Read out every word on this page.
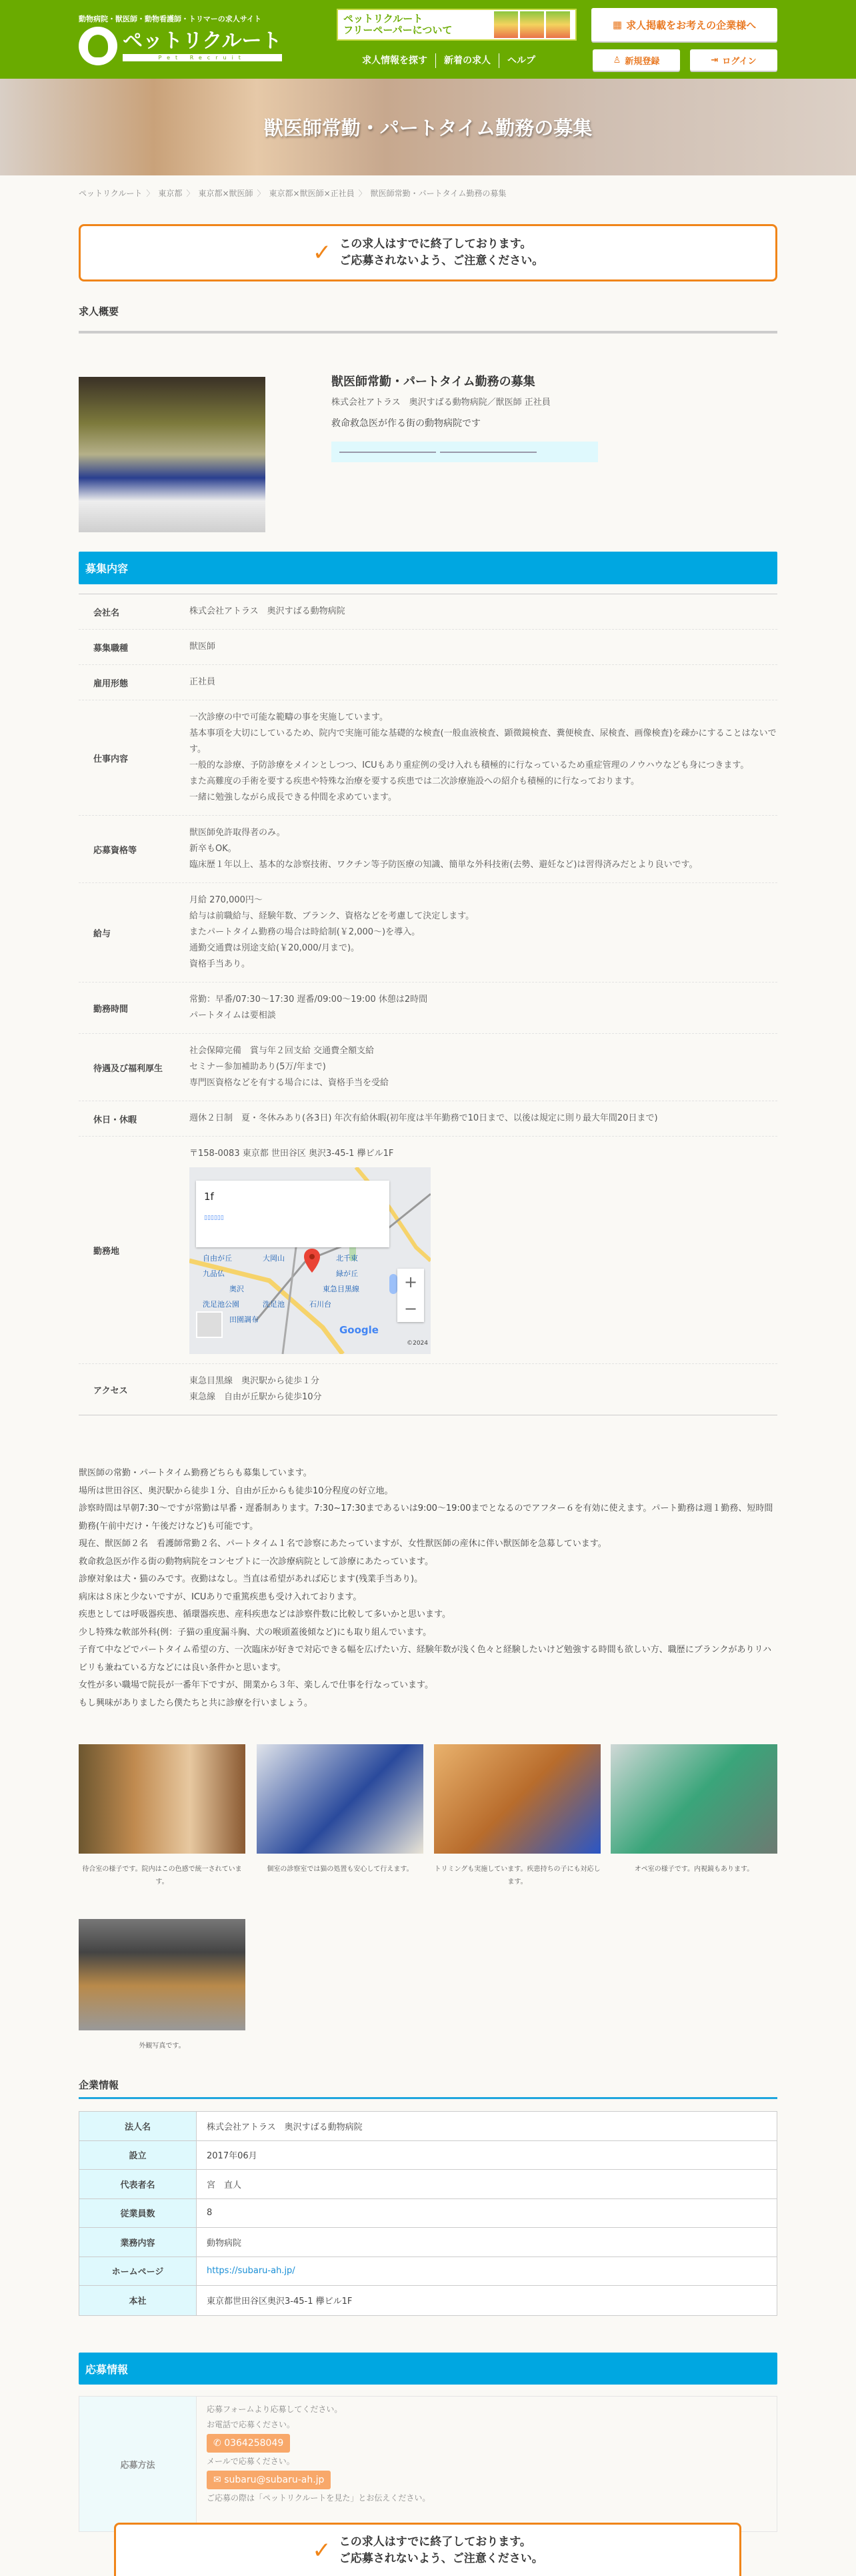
動物病院・獣医師・動物看護師・トリマーの求人サイト
ペットリクルート
Pet Recruit
ペットリクルート
フリーペーパーについて	▦ 求人掲載をお考えの企業様へ
求人情報を探す	新着の求人	ヘルプ	♙ 新規登録	⇥ ログイン
獣医師常勤・パートタイム勤務の募集
ペットリクルート 〉 東京都 〉 東京都×獣医師 〉 東京都×獣医師×正社員 〉 獣医師常勤・パートタイム勤務の募集
✓ この求人はすでに終了しております。
ご応募されないよう、ご注意ください。
求人概要
獣医師常勤・パートタイム勤務の募集
株式会社アトラス　奥沢すばる動物病院／獣医師 正社員
救命救急医が作る街の動物病院です
募集内容
会社名	株式会社アトラス　奥沢すばる動物病院
募集職種	獣医師
雇用形態	正社員
仕事内容
一次診療の中で可能な範疇の事を実施しています。
基本事項を大切にしているため、院内で実施可能な基礎的な検査(一般血液検査、顕微鏡検査、糞便検査、尿検査、画像検査)を疎かにすることはないです。
一般的な診療、予防診療をメインとしつつ、ICUもあり重症例の受け入れも積極的に行なっているため重症管理のノウハウなども身につきます。
また高難度の手術を要する疾患や特殊な治療を要する疾患では二次診療施設への紹介も積極的に行なっております。
一緒に勉強しながら成長できる仲間を求めています。
応募資格等
獣医師免許取得者のみ。
新卒もOK。
臨床歴１年以上、基本的な診察技術、ワクチン等予防医療の知識、簡単な外科技術(去勢、避妊など)は習得済みだとより良いです。
給与
月給 270,000円～
給与は前職給与、経験年数、ブランク、資格などを考慮して決定します。
またパートタイム勤務の場合は時給制(￥2,000～)を導入。
通勤交通費は別途支給(￥20,000/月まで)。
資格手当あり。
勤務時間
常勤：早番/07:30～17:30 遅番/09:00～19:00 休憩は2時間
パートタイムは要相談
待遇及び福利厚生
社会保障完備　賞与年２回支給 交通費全額支給
セミナー参加補助あり(5万/年まで)
専門医資格などを有する場合には、資格手当を受給
休日・休暇	週休２日制　夏・冬休みあり(各3日) 年次有給休暇(初年度は半年勤務で10日まで、以後は規定に則り最大年間20日まで)
勤務地
〒158-0083 東京都 世田谷区 奥沢3-45-1 欅ビル1F
1f
▯▯▯▯▯▯
+
−
Google
©2024
自由が丘
緑が丘
大岡山	北千束
九品仏
奥沢
洗足池公園	洗足池
田園調布
石川台
東急目黒線
アクセス
東急目黒線　奥沢駅から徒歩１分
東急線　自由が丘駅から徒歩10分
獣医師の常勤・パートタイム勤務どちらも募集しています。
場所は世田谷区、奥沢駅から徒歩１分、自由が丘からも徒歩10分程度の好立地。
診察時間は早朝7:30～ですが常勤は早番・遅番制あります。7:30~17:30まであるいは9:00～19:00までとなるのでアフター６を有効に使えます。パート勤務は週１勤務、短時間勤務(午前中だけ・午後だけなど)も可能です。
現在、獣医師２名　看護師常勤２名、パートタイム１名で診察にあたっていますが、女性獣医師の産休に伴い獣医師を急募しています。
救命救急医が作る街の動物病院をコンセプトに一次診療病院として診療にあたっています。
診療対象は犬・猫のみです。夜勤はなし。当直は希望があれば応じます(残業手当あり)。
病床は８床と少ないですが、ICUありで重篤疾患も受け入れております。
疾患としては呼吸器疾患、循環器疾患、産科疾患などは診察件数に比較して多いかと思います。
少し特殊な軟部外科(例：子猫の重度漏斗胸、犬の喉頭蓋後傾など)にも取り組んでいます。
子育て中などでパートタイム希望の方、一次臨床が好きで対応できる幅を広げたい方、経験年数が浅く色々と経験したいけど勉強する時間も欲しい方、職歴にブランクがありリハビリも兼ねている方などには良い条件かと思います。
女性が多い職場で院長が一番年下ですが、開業から３年、楽しんで仕事を行なっています。
もし興味がありましたら僕たちと共に診療を行いましょう。
待合室の様子です。院内はこの色感で統一されています。
個室の診察室では猫の処置も安心して行えます。	トリミングも実施しています。疾患持ちの子にも対応します。
オペ室の様子です。内視鏡もあります。
外観写真です。
企業情報
法人名	株式会社アトラス　奥沢すばる動物病院
設立	2017年06月
代表者名	宮　直人
従業員数	8
業務内容	動物病院
ホームページ	https://subaru-ah.jp/
本社	東京都世田谷区奥沢3-45-1 欅ビル1F
応募情報
応募方法
応募フォームより応募してください。
お電話で応募ください。
✆ 0364258049
メールで応募ください。
✉ subaru@subaru-ah.jp
ご応募の際は「ペットリクルートを見た」とお伝えください。
✓ この求人はすでに終了しております。
ご応募されないよう、ご注意ください。
